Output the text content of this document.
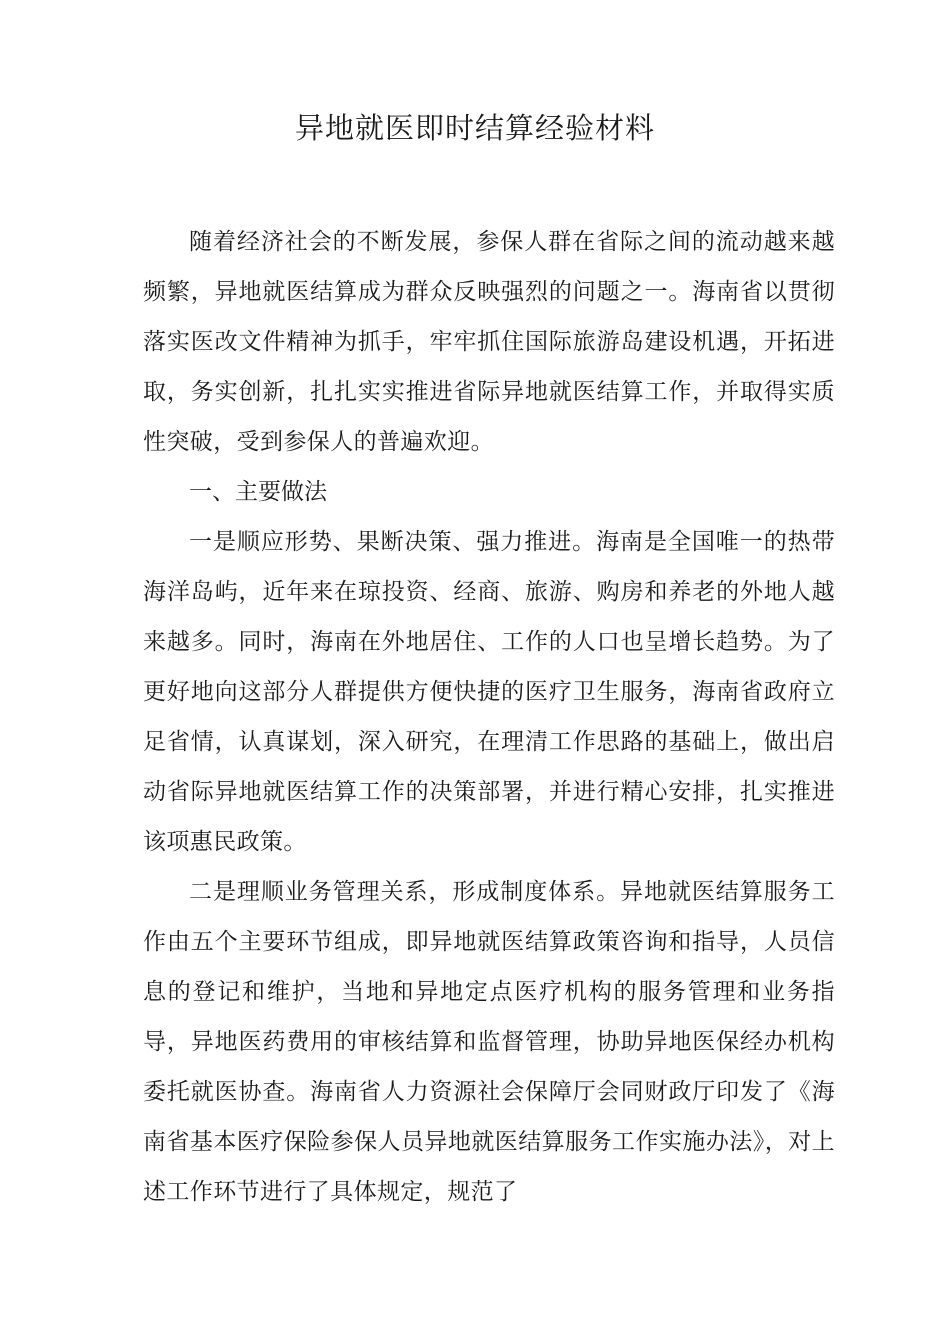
异地就医即时结算经验材料

随着经济社会的不断发展，参保人群在省际之间的流动越来越频繁，异地就医结算成为群众反映强烈的问题之一。海南省以贯彻落实医改文件精神为抓手，牢牢抓住国际旅游岛建设机遇，开拓进取，务实创新，扎扎实实推进省际异地就医结算工作，并取得实质性突破，受到参保人的普遍欢迎。

一、主要做法

一是顺应形势、果断决策、强力推进。海南是全国唯一的热带海洋岛屿，近年来在琼投资、经商、旅游、购房和养老的外地人越来越多。同时，海南在外地居住、工作的人口也呈增长趋势。为了更好地向这部分人群提供方便快捷的医疗卫生服务，海南省政府立足省情，认真谋划，深入研究，在理清工作思路的基础上，做出启动省际异地就医结算工作的决策部署，并进行精心安排，扎实推进该项惠民政策。

二是理顺业务管理关系，形成制度体系。异地就医结算服务工作由五个主要环节组成，即异地就医结算政策咨询和指导，人员信息的登记和维护，当地和异地定点医疗机构的服务管理和业务指导，异地医药费用的审核结算和监督管理，协助异地医保经办机构委托就医协查。海南省人力资源社会保障厅会同财政厅印发了《海南省基本医疗保险参保人员异地就医结算服务工作实施办法》，对上述工作环节进行了具体规定，规范了
